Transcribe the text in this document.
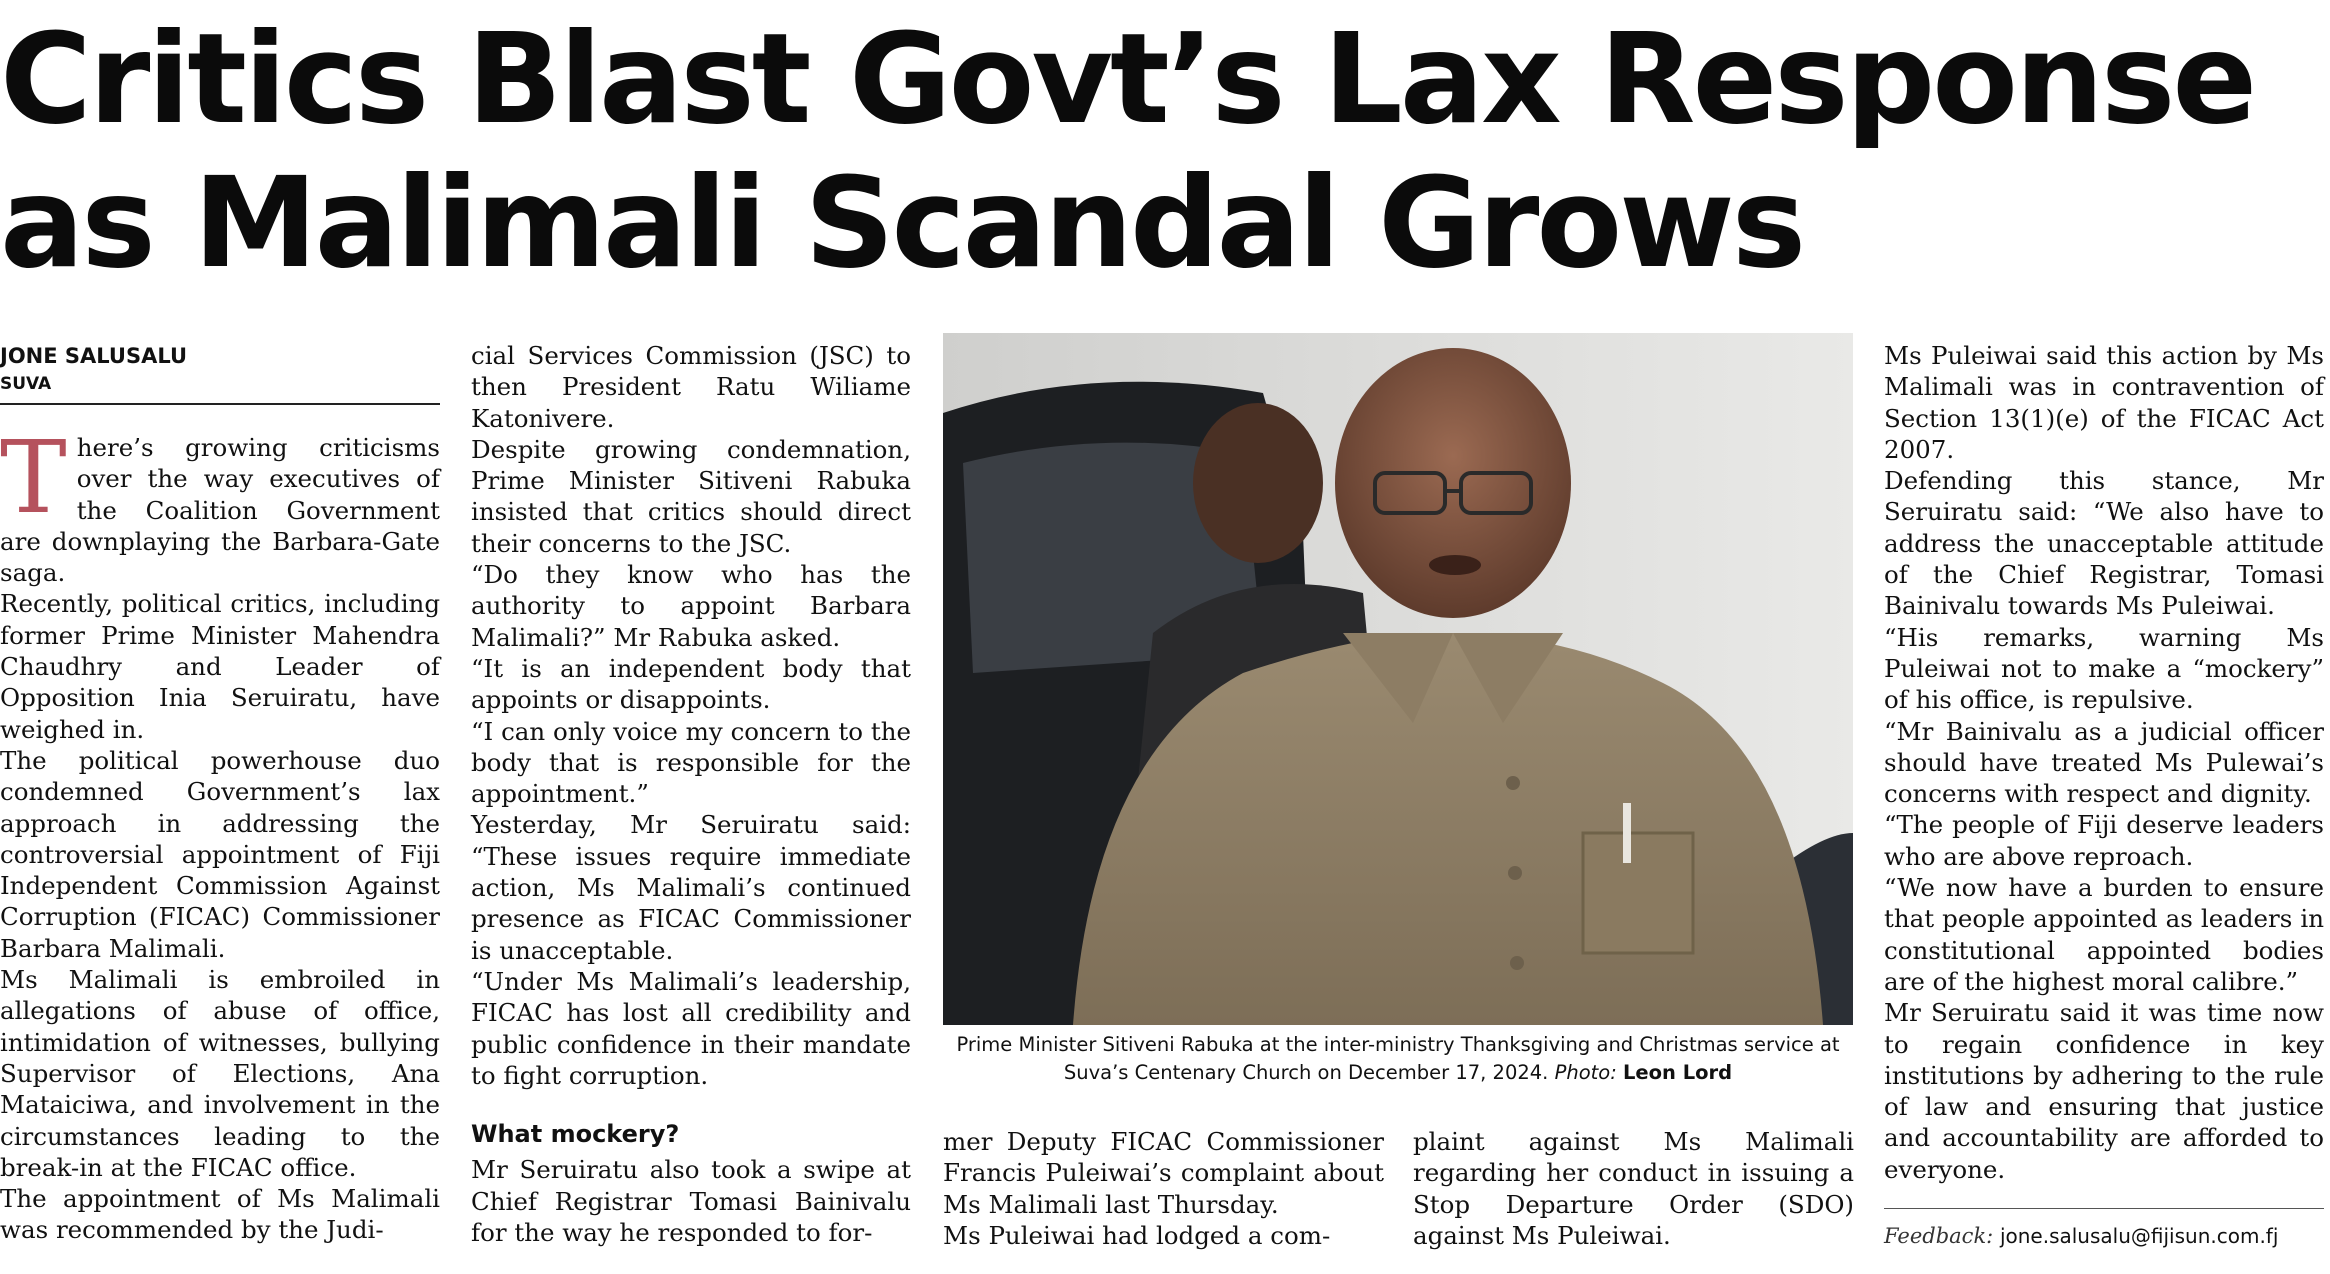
Critics Blast Govt’s Lax Response
as Malimali Scandal Grows
JONE SALUSALU
SUVA

There’s growing criticisms over the way executives of the Coalition Government are downplaying the Barbara-Gate saga.

Recently, political critics, including former Prime Minister Mahendra Chaudhry and Leader of Opposition Inia Seruiratu, have weighed in.

The political powerhouse duo condemned Government’s lax approach in addressing the controversial appointment of Fiji Independent Commission Against Corruption (FICAC) Commissioner Barbara Malimali.

Ms Malimali is embroiled in allegations of abuse of office, intimidation of witnesses, bullying Supervisor of Elections, Ana Mataiciwa, and involvement in the circumstances leading to the break-in at the FICAC office.

The appointment of Ms Malimali was recommended by the Judi-

cial Services Commission (JSC) to then President Ratu Wiliame Katonivere.

Despite growing condemnation, Prime Minister Sitiveni Rabuka insisted that critics should direct their concerns to the JSC.

“Do they know who has the authority to appoint Barbara Malimali?” Mr Rabuka asked.

“It is an independent body that appoints or disappoints.

“I can only voice my concern to the body that is responsible for the appointment.”

Yesterday, Mr Seruiratu said: “These issues require immediate action, Ms Malimali’s continued presence as FICAC Commissioner is unacceptable.

“Under Ms Malimali’s leadership, FICAC has lost all credibility and public confidence in their mandate to fight corruption.

What mockery?

Mr Seruiratu also took a swipe at Chief Registrar Tomasi Bainivalu for the way he responded to for-

Prime Minister Sitiveni Rabuka at the inter-ministry Thanksgiving and Christmas service at Suva’s Centenary Church on December 17, 2024. Photo: Leon Lord

mer Deputy FICAC Commissioner Francis Puleiwai’s complaint about Ms Malimali last Thursday.

Ms Puleiwai had lodged a com-

plaint against Ms Malimali regarding her conduct in issuing a Stop Departure Order (SDO) against Ms Puleiwai.

Ms Puleiwai said this action by Ms Malimali was in contravention of Section 13(1)(e) of the FICAC Act 2007.

Defending this stance, Mr Seruiratu said: “We also have to address the unacceptable attitude of the Chief Registrar, Tomasi Bainivalu towards Ms Puleiwai.

“His remarks, warning Ms Puleiwai not to make a “mockery” of his office, is repulsive.

“Mr Bainivalu as a judicial officer should have treated Ms Pulewai’s concerns with respect and dignity.

“The people of Fiji deserve leaders who are above reproach.

“We now have a burden to ensure that people appointed as leaders in constitutional appointed bodies are of the highest moral calibre.”

Mr Seruiratu said it was time now to regain confidence in key institutions by adhering to the rule of law and ensuring that justice and accountability are afforded to everyone.

Feedback: jone.salusalu@fijisun.com.fj
